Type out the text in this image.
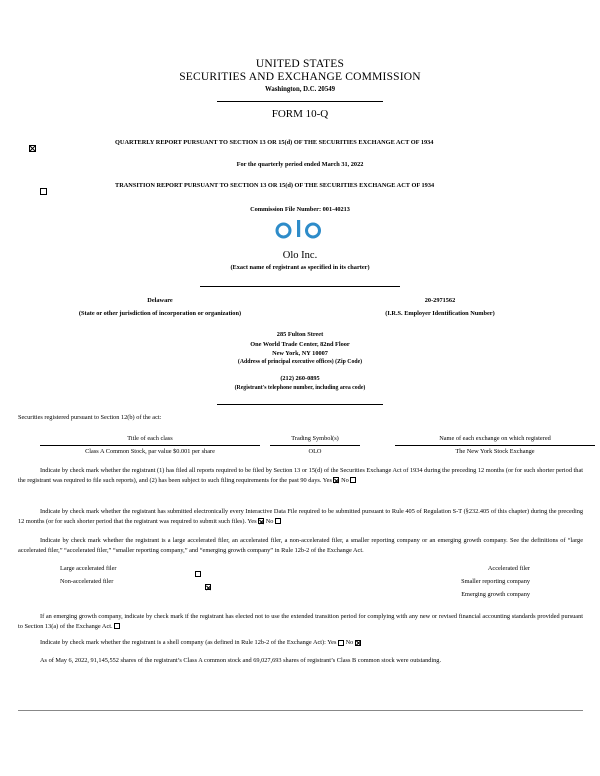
UNITED STATES
SECURITIES AND EXCHANGE COMMISSION
Washington, D.C. 20549
FORM 10-Q

QUARTERLY REPORT PURSUANT TO SECTION 13 OR 15(d) OF THE SECURITIES EXCHANGE ACT OF 1934
For the quarterly period ended March 31, 2022

TRANSITION REPORT PURSUANT TO SECTION 13 OR 15(d) OF THE SECURITIES EXCHANGE ACT OF 1934
Commission File Number: 001-40213
Olo Inc.
(Exact name of registrant as specified in its charter)
Delaware
(State or other jurisdiction of incorporation or organization)
20-2971562
(I.R.S. Employer Identification Number)
285 Fulton Street
One World Trade Center, 82nd Floor
New York, NY 10007
(Address of principal executive offices) (Zip Code)
(212) 260-0895
(Registrant's telephone number, including area code)
Securities registered pursuant to Section 12(b) of the act:
Title of each class	Trading Symbol(s)	Name of each exchange on which registered
Class A Common Stock, par value $0.001 per share	OLO	The New York Stock Exchange
Indicate by check mark whether the registrant (1) has filed all reports required to be filed by Section 13 or 15(d) of the Securities Exchange Act of 1934 during the preceding 12 months (or for such shorter period that the registrant was required to file such reports), and (2) has been subject to such filing requirements for the past 90 days. Yes No
Indicate by check mark whether the registrant has submitted electronically every Interactive Data File required to be submitted pursuant to Rule 405 of Regulation S-T (§232.405 of this chapter) during the preceding 12 months (or for such shorter period that the registrant was required to submit such files). Yes No
Indicate by check mark whether the registrant is a large accelerated filer, an accelerated filer, a non-accelerated filer, a smaller reporting company or an emerging growth company. See the definitions of “large accelerated filer,” “accelerated filer,” “smaller reporting company,” and “emerging growth company” in Rule 12b-2 of the Exchange Act.
Large accelerated filer

Non-accelerated filer

Accelerated filer

Smaller reporting company

Emerging growth company
If an emerging growth company, indicate by check mark if the registrant has elected not to use the extended transition period for complying with any new or revised financial accounting standards provided pursuant to Section 13(a) of the Exchange Act.
Indicate by check mark whether the registrant is a shell company (as defined in Rule 12b-2 of the Exchange Act): Yes No
As of May 6, 2022, 91,145,552 shares of the registrant’s Class A common stock and 69,027,693 shares of registrant’s Class B common stock were outstanding.
